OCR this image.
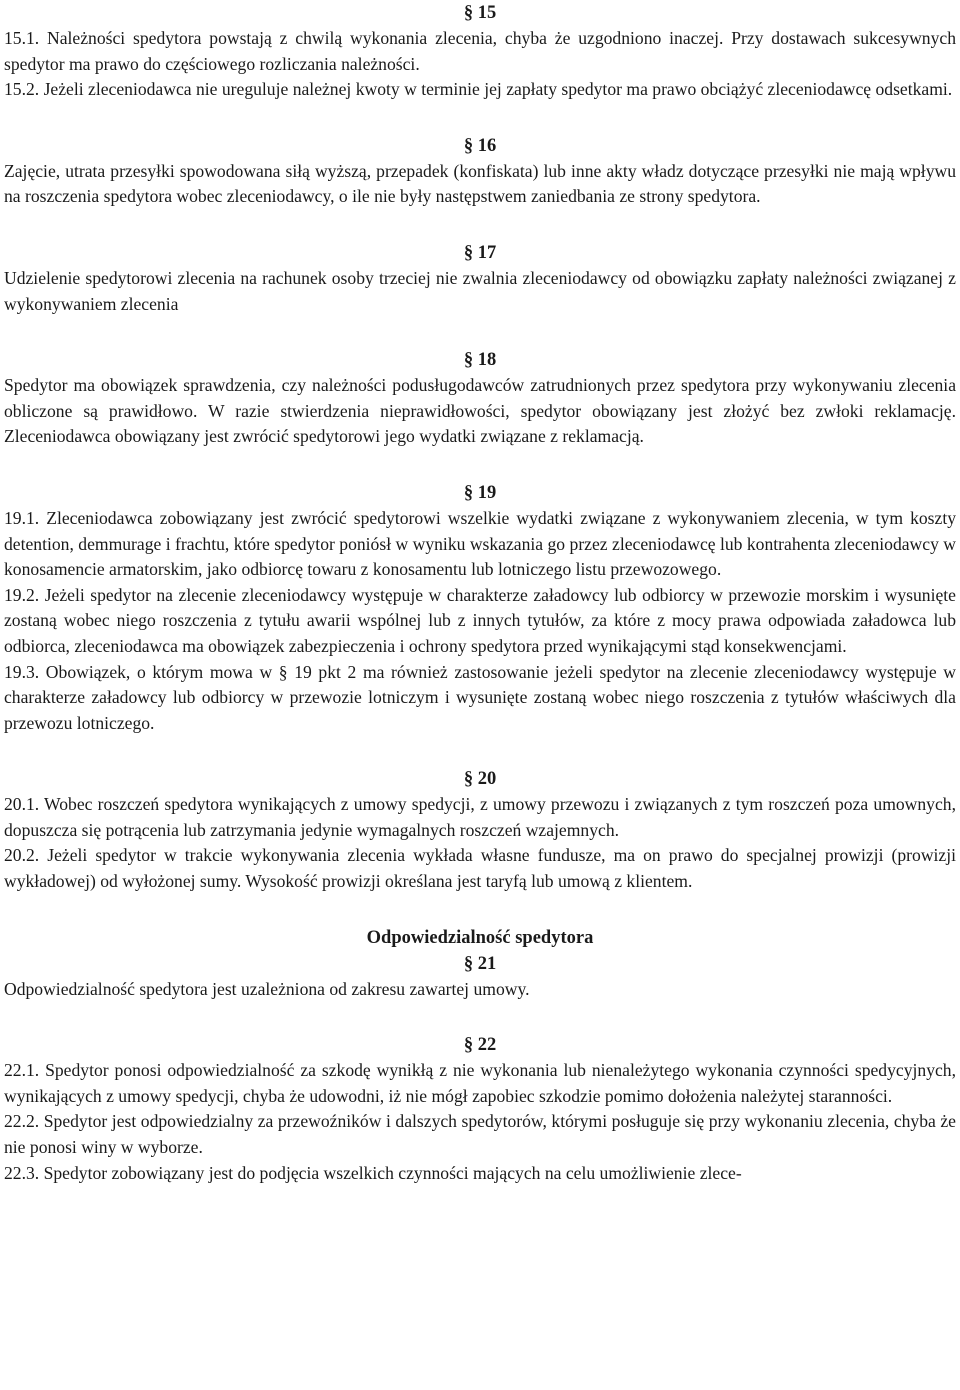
§ 15

15.1. Należności spedytora powstają z chwilą wykonania zlecenia, chyba że uzgodniono inaczej. Przy dostawach sukcesywnych spedytor ma prawo do częściowego rozliczania należności.

15.2. Jeżeli zleceniodawca nie ureguluje należnej kwoty w terminie jej zapłaty spedytor ma prawo obciążyć zleceniodawcę odsetkami.

§ 16

Zajęcie, utrata przesyłki spowodowana siłą wyższą, przepadek (konfiskata) lub inne akty władz dotyczące przesyłki nie mają wpływu na roszczenia spedytora wobec zleceniodawcy, o ile nie były następstwem zaniedbania ze strony spedytora.

§ 17

Udzielenie spedytorowi zlecenia na rachunek osoby trzeciej nie zwalnia zleceniodawcy od obowiązku zapłaty należności związanej z wykonywaniem zlecenia

§ 18

Spedytor ma obowiązek sprawdzenia, czy należności podusługodawców zatrudnionych przez spedytora przy wykonywaniu zlecenia obliczone są prawidłowo. W razie stwierdzenia nieprawidłowości, spedytor obowiązany jest złożyć bez zwłoki reklamację. Zleceniodawca obowiązany jest zwrócić spedytorowi jego wydatki związane z reklamacją.

§ 19

19.1. Zleceniodawca zobowiązany jest zwrócić spedytorowi wszelkie wydatki związane z wykonywaniem zlecenia, w tym koszty detention, demmurage i frachtu, które spedytor poniósł w wyniku wskazania go przez zleceniodawcę lub kontrahenta zleceniodawcy w konosamencie armatorskim, jako odbiorcę towaru z konosamentu lub lotniczego listu przewozowego.

19.2. Jeżeli spedytor na zlecenie zleceniodawcy występuje w charakterze załadowcy lub odbiorcy w przewozie morskim i wysunięte zostaną wobec niego roszczenia z tytułu awarii wspólnej lub z innych tytułów, za które z mocy prawa odpowiada załadowca lub odbiorca, zleceniodawca ma obowiązek zabezpieczenia i ochrony spedytora przed wynikającymi stąd konsekwencjami.

19.3. Obowiązek, o którym mowa w § 19 pkt 2 ma również zastosowanie jeżeli spedytor na zlecenie zleceniodawcy występuje w charakterze załadowcy lub odbiorcy w przewozie lotniczym i wysunięte zostaną wobec niego roszczenia z tytułów właściwych dla przewozu lotniczego.

§ 20

20.1. Wobec roszczeń spedytora wynikających z umowy spedycji, z umowy przewozu i związanych z tym roszczeń poza umownych, dopuszcza się potrącenia lub zatrzymania jedynie wymagalnych roszczeń wzajemnych.

20.2. Jeżeli spedytor w trakcie wykonywania zlecenia wykłada własne fundusze, ma on prawo do specjalnej prowizji (prowizji wykładowej) od wyłożonej sumy. Wysokość prowizji określana jest taryfą lub umową z klientem.

Odpowiedzialność spedytora
§ 21

Odpowiedzialność spedytora jest uzależniona od zakresu zawartej umowy.

§ 22

22.1. Spedytor ponosi odpowiedzialność za szkodę wynikłą z nie wykonania lub nienależytego wykonania czynności spedycyjnych, wynikających z umowy spedycji, chyba że udowodni, iż nie mógł zapobiec szkodzie pomimo dołożenia należytej staranności.

22.2. Spedytor jest odpowiedzialny za przewoźników i dalszych spedytorów, którymi posługuje się przy wykonaniu zlecenia, chyba że nie ponosi winy w wyborze.

22.3. Spedytor zobowiązany jest do podjęcia wszelkich czynności mających na celu umożliwienie zlece-
